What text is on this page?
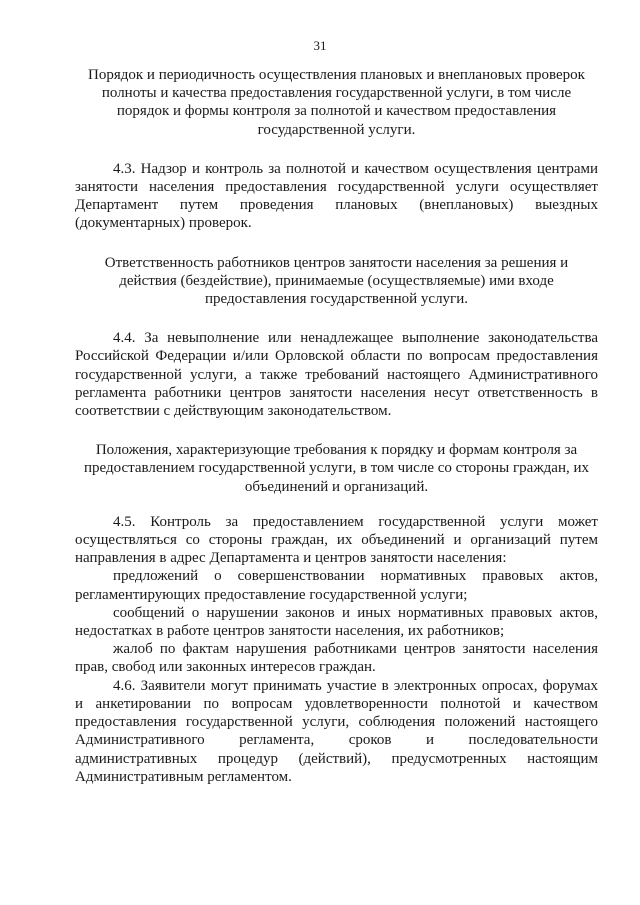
31

Порядок и периодичность осуществления плановых и внеплановых проверок полноты и качества предоставления государственной услуги, в том числе порядок и формы контроля за полнотой и качеством предоставления государственной услуги.

4.3. Надзор и контроль за полнотой и качеством осуществления центрами занятости населения предоставления государственной услуги осуществляет Департамент путем проведения плановых (внеплановых) выездных (документарных) проверок.

Ответственность работников центров занятости населения за решения и действия (бездействие), принимаемые (осуществляемые) ими входе предоставления государственной услуги.

4.4. За невыполнение или ненадлежащее выполнение законодательства Российской Федерации и/или Орловской области по вопросам предоставления государственной услуги, а также требований настоящего Административного регламента работники центров занятости населения несут ответственность в соответствии с действующим законодательством.

Положения, характеризующие требования к порядку и формам контроля за предоставлением государственной услуги, в том числе со стороны граждан, их объединений и организаций.

4.5. Контроль за предоставлением государственной услуги может осуществляться со стороны граждан, их объединений и организаций путем направления в адрес Департамента и центров занятости населения:

предложений о совершенствовании нормативных правовых актов, регламентирующих предоставление государственной услуги;

сообщений о нарушении законов и иных нормативных правовых актов, недостатках в работе центров занятости населения, их работников;

жалоб по фактам нарушения работниками центров занятости населения прав, свобод или законных интересов граждан.

4.6. Заявители могут принимать участие в электронных опросах, форумах и анкетировании по вопросам удовлетворенности полнотой и качеством предоставления государственной услуги, соблюдения положений настоящего Административного регламента, сроков и последовательности административных процедур (действий), предусмотренных настоящим Административным регламентом.
